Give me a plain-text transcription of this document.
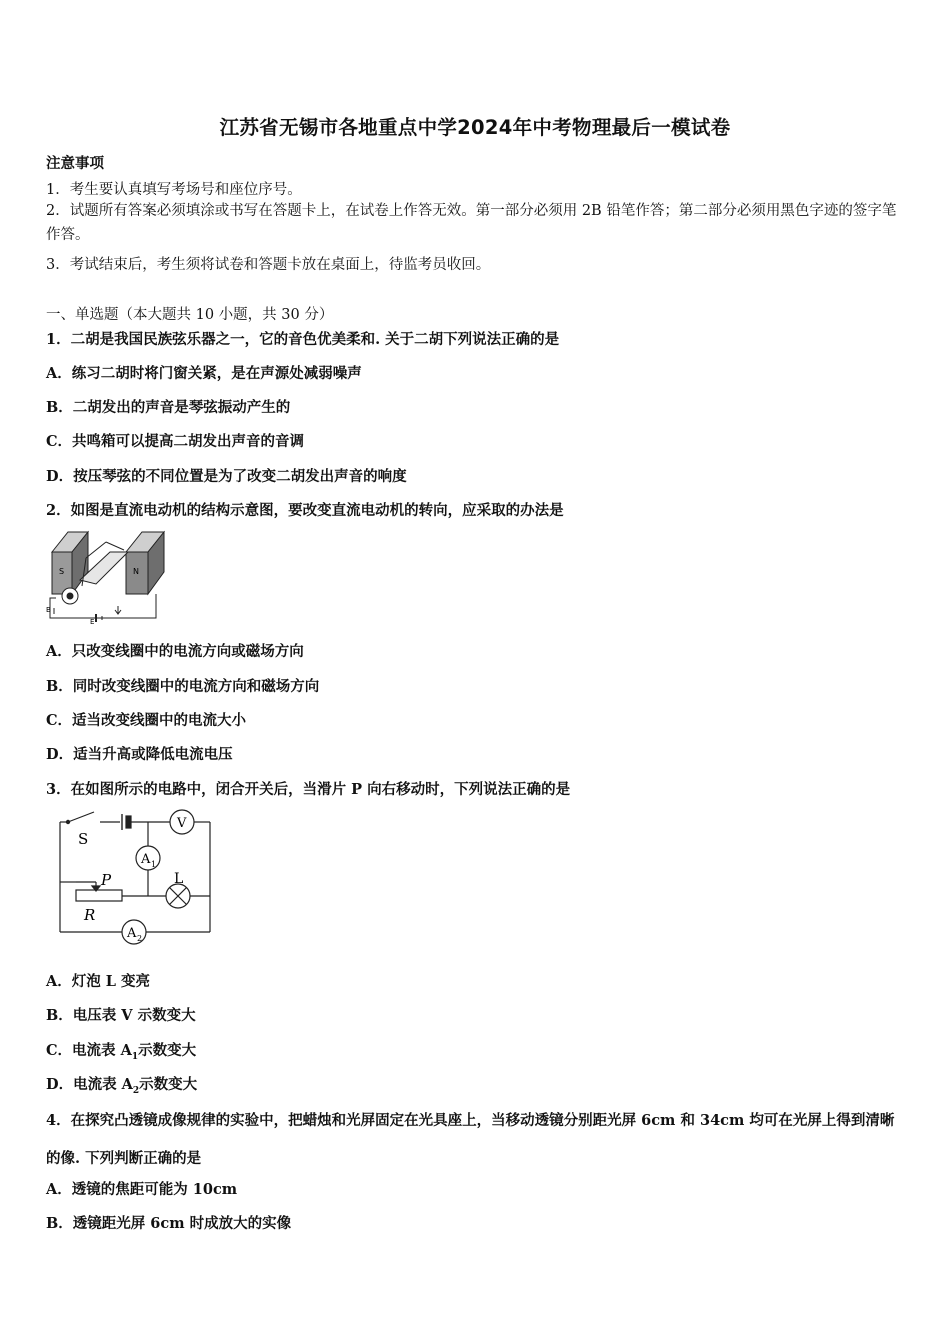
江苏省无锡市各地重点中学2024年中考物理最后一模试卷
注意事项
1．考生要认真填写考场号和座位序号。
2．试题所有答案必须填涂或书写在答题卡上，在试卷上作答无效。第一部分必须用 2B 铅笔作答；第二部分必须用黑色字迹的签字笔作答。
3．考试结束后，考生须将试卷和答题卡放在桌面上，待监考员收回。
一、单选题（本大题共 10 小题，共 30 分）
1．二胡是我国民族弦乐器之一，它的音色优美柔和. 关于二胡下列说法正确的是
A．练习二胡时将门窗关紧，是在声源处减弱噪声
B．二胡发出的声音是琴弦振动产生的
C．共鸣箱可以提高二胡发出声音的音调
D．按压琴弦的不同位置是为了改变二胡发出声音的响度
2．如图是直流电动机的结构示意图，要改变直流电动机的转向，应采取的办法是
S	N
E
B
A．只改变线圈中的电流方向或磁场方向
B．同时改变线圈中的电流方向和磁场方向
C．适当改变线圈中的电流大小
D．适当升高或降低电流电压
3．在如图所示的电路中，闭合开关后，当滑片 P 向右移动时，下列说法正确的是
S
V
A 1
L
P
R
A 2
A．灯泡 L 变亮
B．电压表 V 示数变大
C．电流表 $A_1$示数变大
D．电流表 $A_2$示数变大
4．在探究凸透镜成像规律的实验中，把蜡烛和光屏固定在光具座上，当移动透镜分别距光屏 6cm 和 34cm 均可在光屏上得到清晰的像. 下列判断正确的是
A．透镜的焦距可能为 10cm
B．透镜距光屏 6cm 时成放大的实像
